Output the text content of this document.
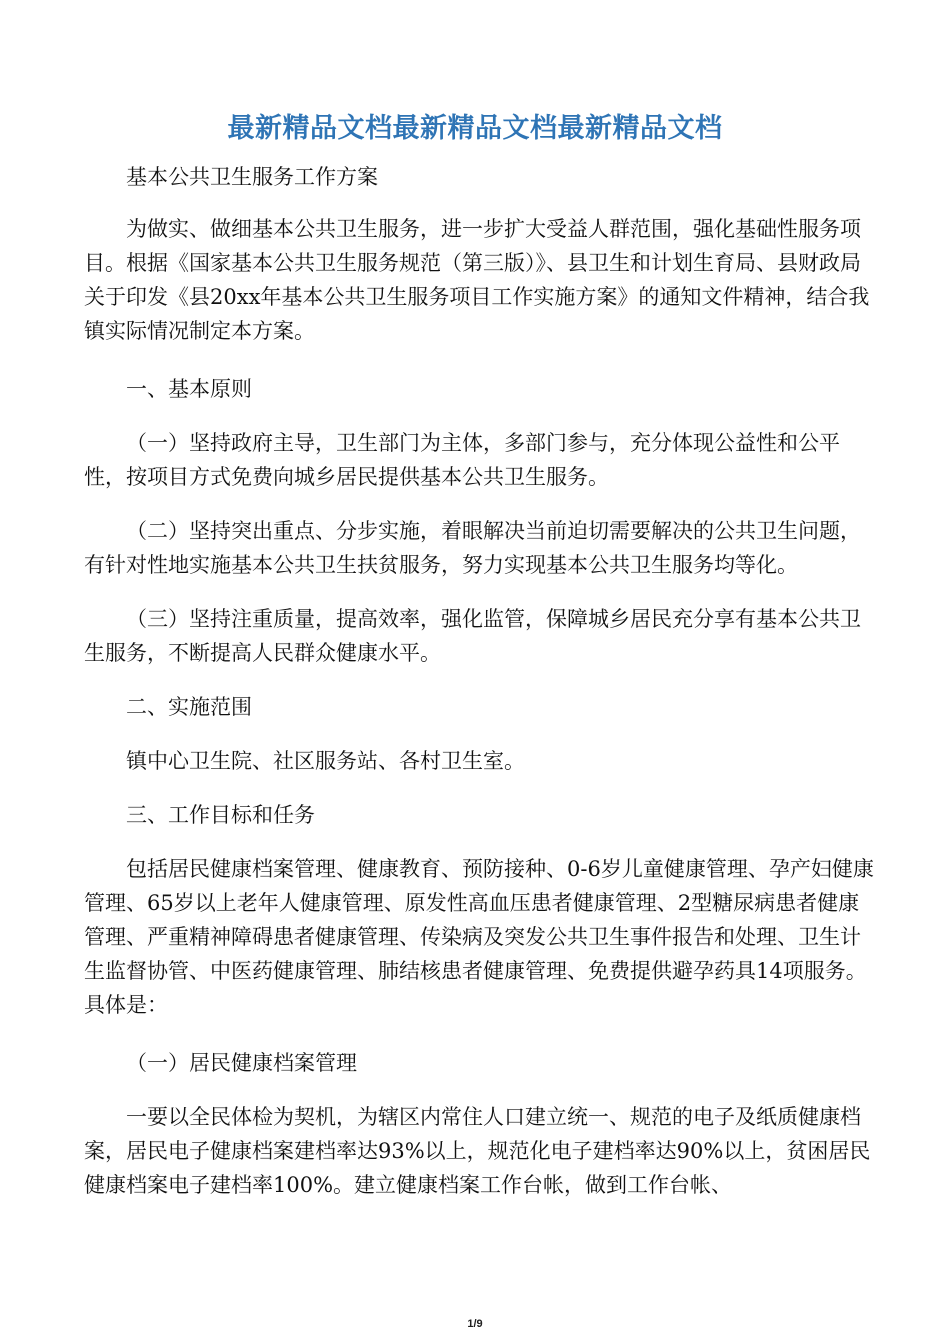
最新精品文档最新精品文档最新精品文档

基本公共卫生服务工作方案

为做实、做细基本公共卫生服务，进一步扩大受益人群范围，强化基础性服务项目。根据《国家基本公共卫生服务规范（第三版）》、县卫生和计划生育局、县财政局关于印发《县20xx年基本公共卫生服务项目工作实施方案》的通知文件精神，结合我镇实际情况制定本方案。

一、基本原则

（一）坚持政府主导，卫生部门为主体，多部门参与，充分体现公益性和公平性，按项目方式免费向城乡居民提供基本公共卫生服务。

（二）坚持突出重点、分步实施，着眼解决当前迫切需要解决的公共卫生问题，有针对性地实施基本公共卫生扶贫服务，努力实现基本公共卫生服务均等化。

（三）坚持注重质量，提高效率，强化监管，保障城乡居民充分享有基本公共卫生服务，不断提高人民群众健康水平。

二、实施范围

镇中心卫生院、社区服务站、各村卫生室。

三、工作目标和任务

包括居民健康档案管理、健康教育、预防接种、0-6岁儿童健康管理、孕产妇健康管理、65岁以上老年人健康管理、原发性高血压患者健康管理、2型糖尿病患者健康管理、严重精神障碍患者健康管理、传染病及突发公共卫生事件报告和处理、卫生计生监督协管、中医药健康管理、肺结核患者健康管理、免费提供避孕药具14项服务。具体是：

（一）居民健康档案管理

一要以全民体检为契机，为辖区内常住人口建立统一、规范的电子及纸质健康档案，居民电子健康档案建档率达93%以上，规范化电子建档率达90%以上，贫困居民健康档案电子建档率100%。建立健康档案工作台帐，做到工作台帐、

1/9
